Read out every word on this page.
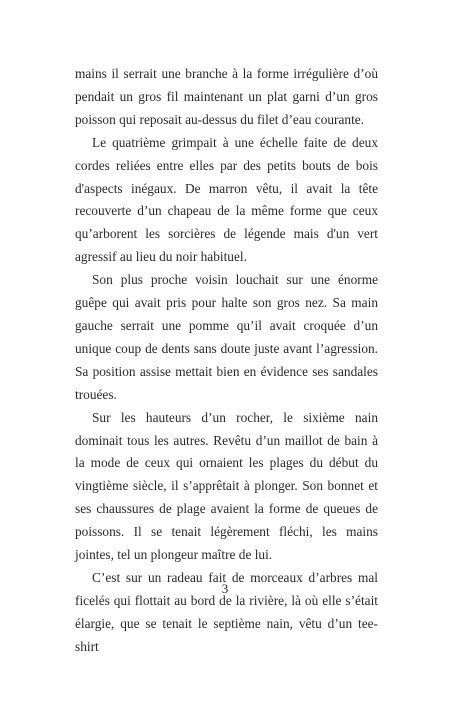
mains il serrait une branche à la forme irrégulière d’où pendait un gros fil maintenant un plat garni d’un gros poisson qui reposait au-dessus du filet d’eau courante.

Le quatrième grimpait à une échelle faite de deux cordes reliées entre elles par des petits bouts de bois d'aspects inégaux. De marron vêtu, il avait la tête recouverte d’un chapeau de la même forme que ceux qu’arborent les sorcières de légende mais d'un vert agressif au lieu du noir habituel.

Son plus proche voisin louchait sur une énorme guêpe qui avait pris pour halte son gros nez. Sa main gauche serrait une pomme qu’il avait croquée d’un unique coup de dents sans doute juste avant l’agression. Sa position assise mettait bien en évidence ses sandales trouées.

Sur les hauteurs d’un rocher, le sixième nain dominait tous les autres. Revêtu d’un maillot de bain à la mode de ceux qui ornaient les plages du début du vingtième siècle, il s’apprêtait à plonger. Son bonnet et ses chaussures de plage avaient la forme de queues de poissons. Il se tenait légèrement fléchi, les mains jointes, tel un plongeur maître de lui.

C’est sur un radeau fait de morceaux d’arbres mal ficelés qui flottait au bord de la rivière, là où elle s’était élargie, que se tenait le septième nain, vêtu d’un tee-shirt

3
